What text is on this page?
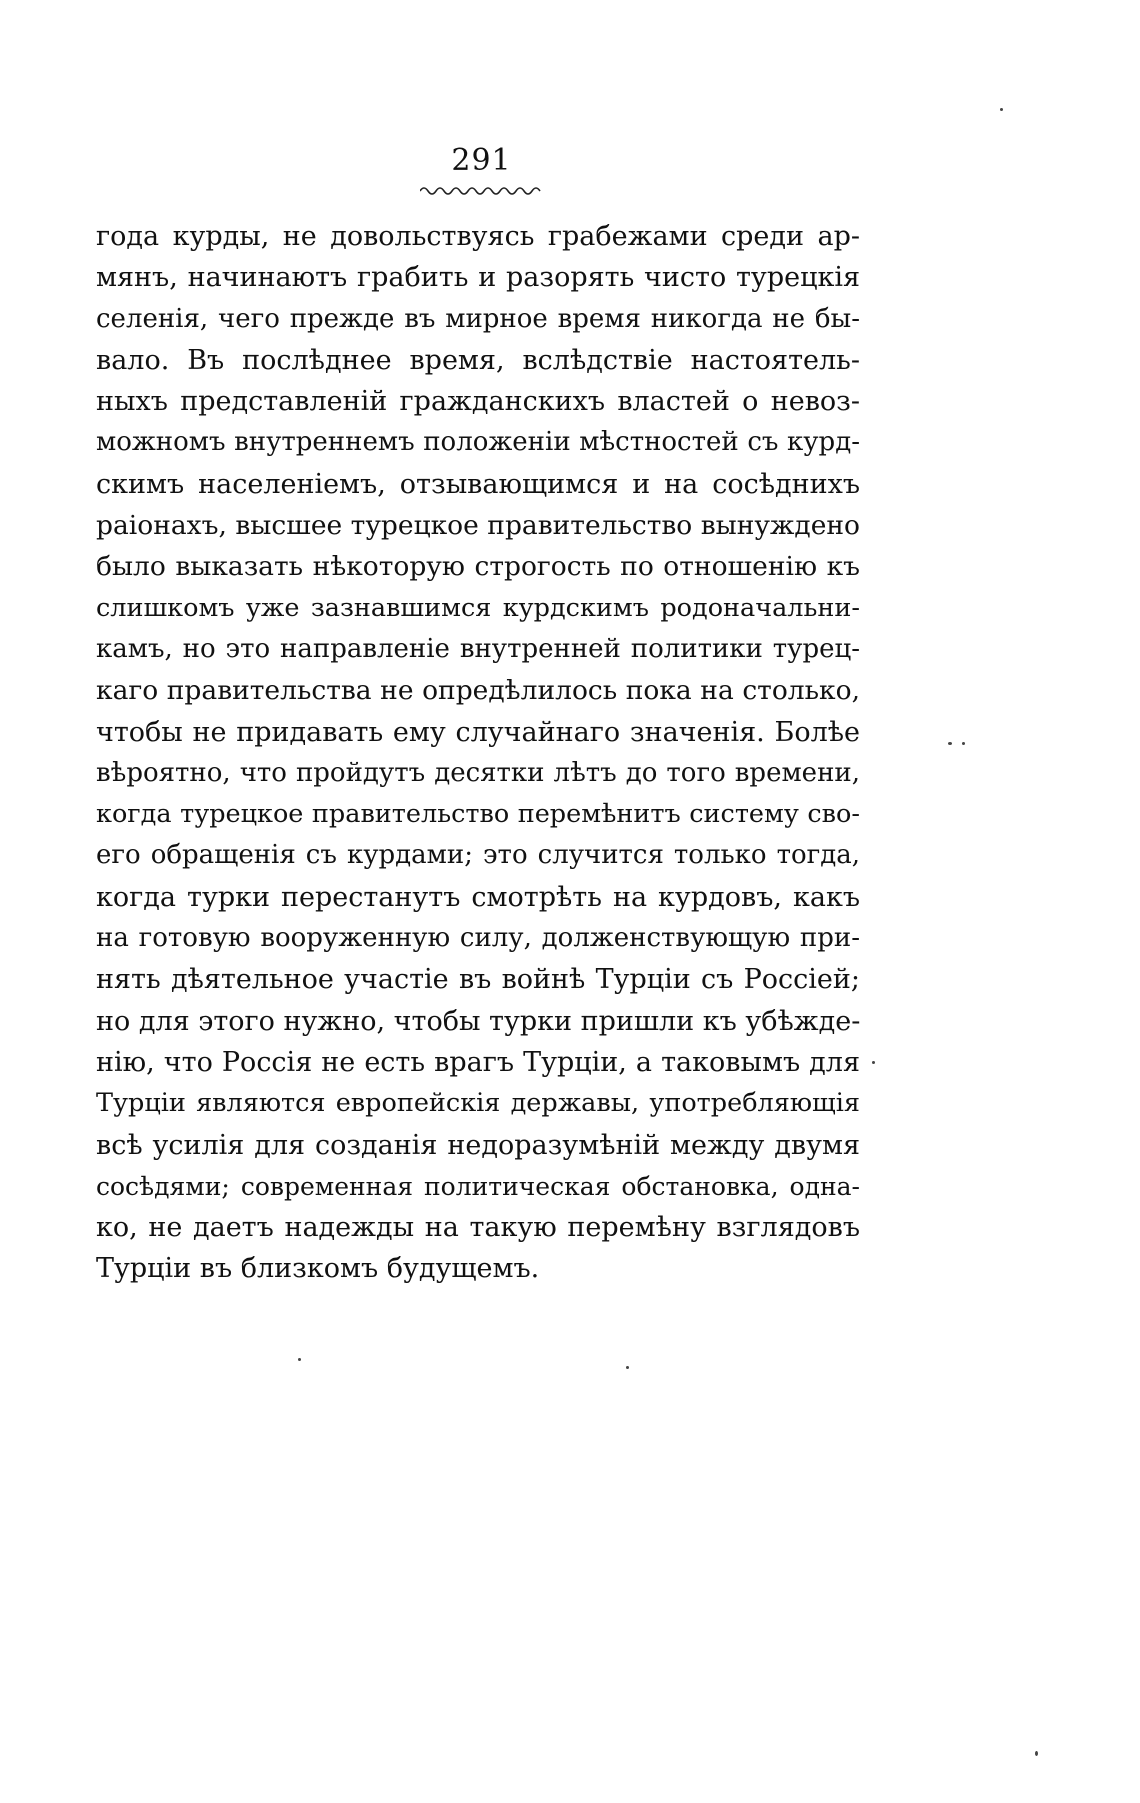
291
года курды, не довольствуясь грабежами среди ар-
мянъ, начинаютъ грабить и разорять чисто турецкія
селенія, чего прежде въ мирное время никогда не бы-
вало. Въ послѣднее время, вслѣдствіе настоятель-
ныхъ представленій гражданскихъ властей о невоз-
можномъ внутреннемъ положеніи мѣстностей съ курд-
скимъ населеніемъ, отзывающимся и на сосѣднихъ
раіонахъ, высшее турецкое правительство вынуждено
было выказать нѣкоторую строгость по отношенію къ
слишкомъ уже зазнавшимся курдскимъ родоначальни-
камъ, но это направленіе внутренней политики турец-
каго правительства не опредѣлилось пока на столько,
чтобы не придавать ему случайнаго значенія. Болѣе
вѣроятно, что пройдутъ десятки лѣтъ до того времени,
когда турецкое правительство перемѣнитъ систему сво-
его обращенія съ курдами; это случится только тогда,
когда турки перестанутъ смотрѣть на курдовъ, какъ
на готовую вооруженную силу, долженствующую при-
нять дѣятельное участіе въ войнѣ Турціи съ Россіей;
но для этого нужно, чтобы турки пришли къ убѣжде-
нію, что Россія не есть врагъ Турціи, а таковымъ для
Турціи являются европейскія державы, употребляющія
всѣ усилія для созданія недоразумѣній между двумя
сосѣдями; современная политическая обстановка, одна-
ко, не даетъ надежды на такую перемѣну взглядовъ
Турціи въ близкомъ будущемъ.
